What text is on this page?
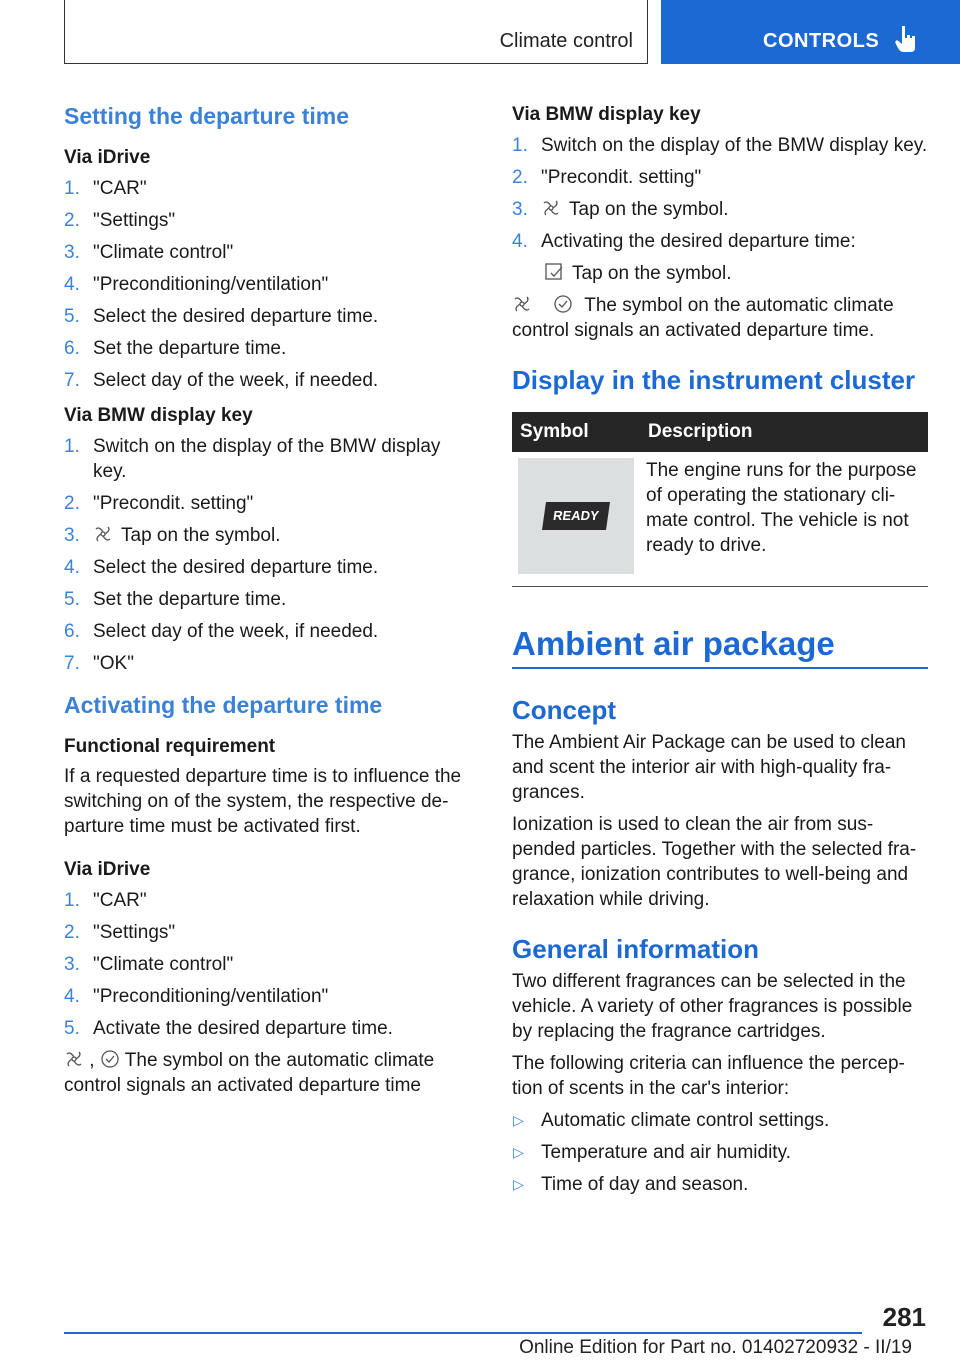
Climate control	CONTROLS
Setting the departure time
Via iDrive
1. "CAR"
2. "Settings"
3. "Climate control"
4. "Preconditioning/ventilation"
5. Select the desired departure time.
6. Set the departure time.
7. Select day of the week, if needed.
Via BMW display key
1. Switch on the display of the BMW display key.
2. "Precondit. setting"
3. Tap on the symbol.
4. Select the desired departure time.
5. Set the departure time.
6. Select day of the week, if needed.
7. "OK"
Activating the departure time
Functional requirement

If a requested departure time is to influence the switching on of the system, the respective de‐parture time must be activated first.

Via iDrive
1. "CAR"
2. "Settings"
3. "Climate control"
4. "Preconditioning/ventilation"
5. Activate the desired departure time.

, The symbol on the automatic climate control signals an activated departure time

Via BMW display key
1. Switch on the display of the BMW display key.
2. "Precondit. setting"
3. Tap on the symbol.
4. Activating the desired departure time:
Tap on the symbol.

The symbol on the automatic climate control signals an activated departure time.

Display in the instrument cluster
Symbol	Description

READY	The engine runs for the purpose of operating the stationary cli‐mate control. The vehicle is not ready to drive.
Ambient air package
Concept

The Ambient Air Package can be used to clean and scent the interior air with high-quality fra‐grances.

Ionization is used to clean the air from sus‐pended particles. Together with the selected fra‐grance, ionization contributes to well-being and relaxation while driving.

General information

Two different fragrances can be selected in the vehicle. A variety of other fragrances is possible by replacing the fragrance cartridges.

The following criteria can influence the percep‐tion of scents in the car's interior:

▷ Automatic climate control settings.
▷ Temperature and air humidity.
▷ Time of day and season.
281
Online Edition for Part no. 01402720932 - II/19
